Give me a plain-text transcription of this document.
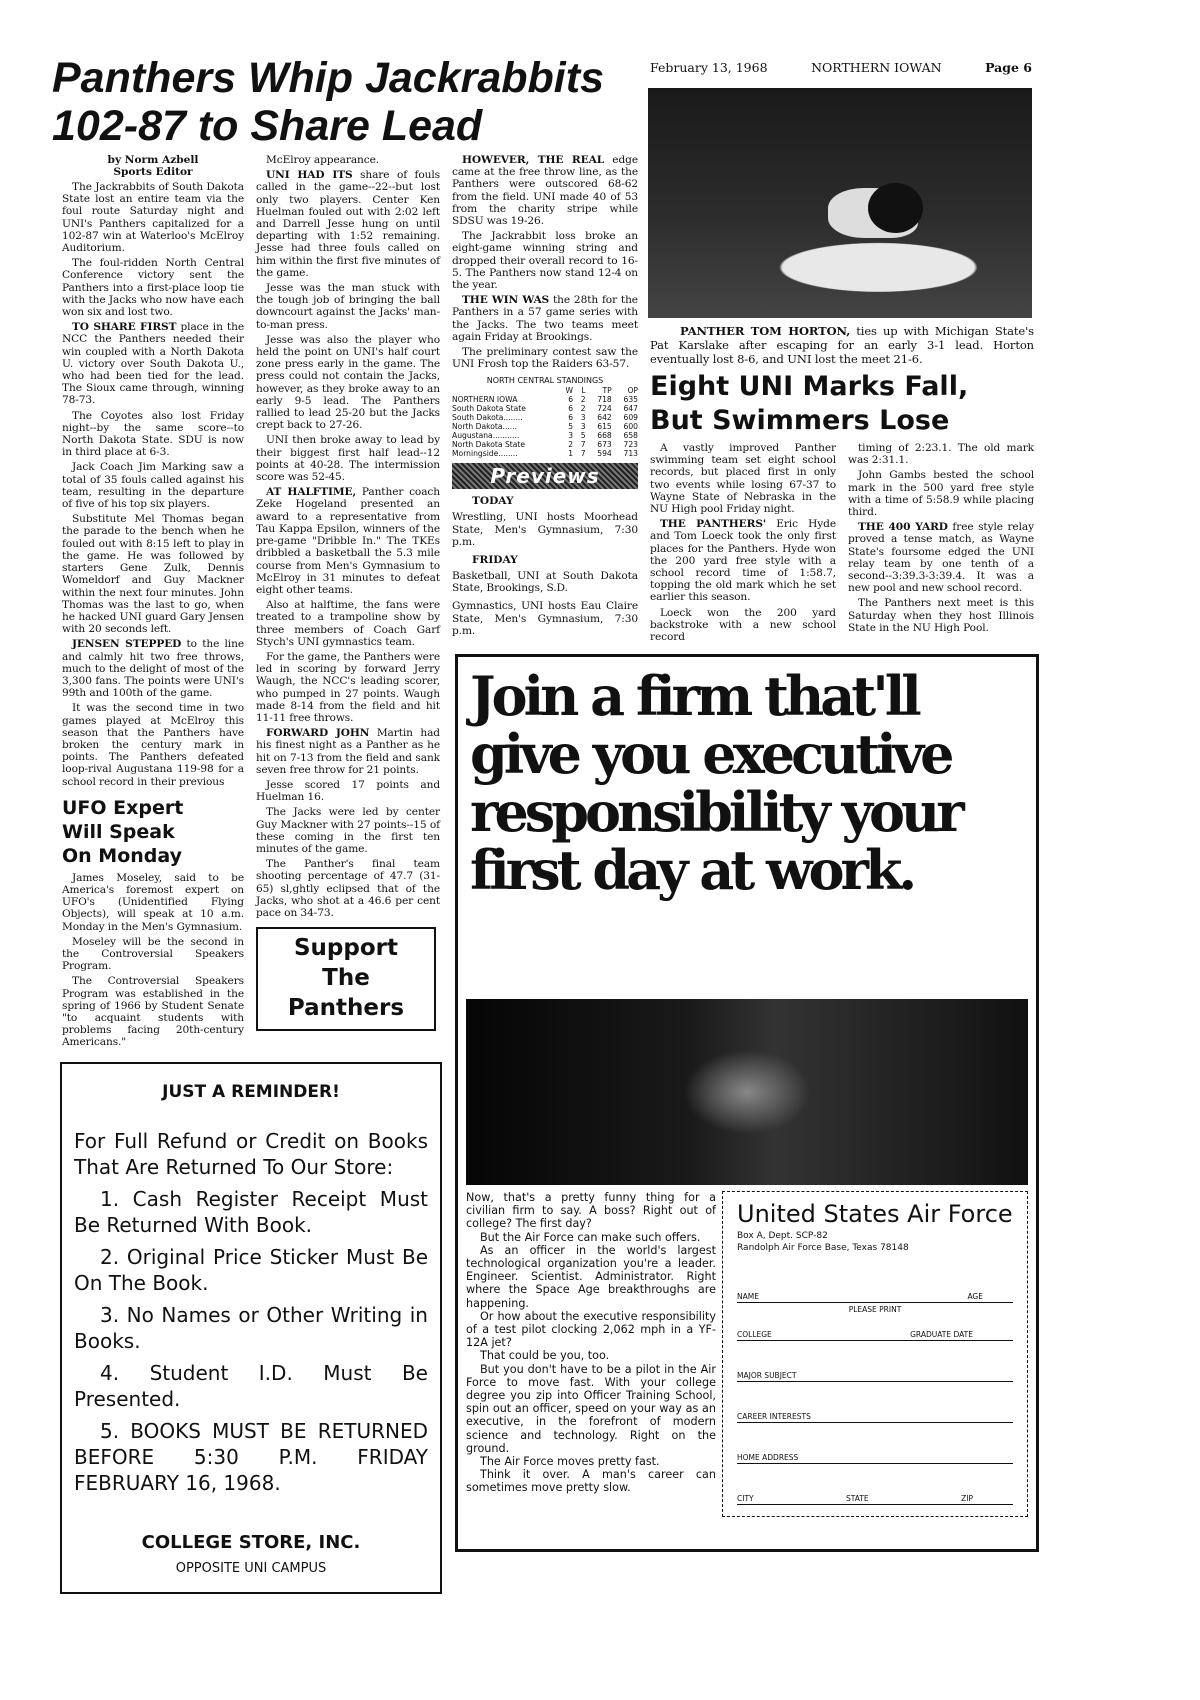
February 13, 1968	NORTHERN IOWAN	Page 6
Panthers Whip Jackrabbits
102-87 to Share Lead
by Norm Azbell
Sports Editor

The Jackrabbits of South Dakota State lost an entire team via the foul route Saturday night and UNI's Panthers capitalized for a 102-87 win at Waterloo's McElroy Auditorium.

The foul-ridden North Central Conference victory sent the Panthers into a first-place loop tie with the Jacks who now have each won six and lost two.

TO SHARE FIRST place in the NCC the Panthers needed their win coupled with a North Dakota U. victory over South Dakota U., who had been tied for the lead. The Sioux came through, winning 78-73.

The Coyotes also lost Friday night--by the same score--to North Dakota State. SDU is now in third place at 6-3.

Jack Coach Jim Marking saw a total of 35 fouls called against his team, resulting in the departure of five of his top six players.

Substitute Mel Thomas began the parade to the bench when he fouled out with 8:15 left to play in the game. He was followed by starters Gene Zulk, Dennis Womeldorf and Guy Mackner within the next four minutes. John Thomas was the last to go, when he hacked UNI guard Gary Jensen with 20 seconds left.

JENSEN STEPPED to the line and calmly hit two free throws, much to the delight of most of the 3,300 fans. The points were UNI's 99th and 100th of the game.

It was the second time in two games played at McElroy this season that the Panthers have broken the century mark in points. The Panthers defeated loop-rival Augustana 119-98 for a school record in their previous

UFO Expert
Will Speak
On Monday

James Moseley, said to be America's foremost expert on UFO's (Unidentified Flying Objects), will speak at 10 a.m. Monday in the Men's Gymnasium.

Moseley will be the second in the Controversial Speakers Program.

The Controversial Speakers Program was established in the spring of 1966 by Student Senate "to acquaint students with problems facing 20th-century Americans."

McElroy appearance.

UNI HAD ITS share of fouls called in the game--22--but lost only two players. Center Ken Huelman fouled out with 2:02 left and Darrell Jesse hung on until departing with 1:52 remaining. Jesse had three fouls called on him within the first five minutes of the game.

Jesse was the man stuck with the tough job of bringing the ball downcourt against the Jacks' man-to-man press.

Jesse was also the player who held the point on UNI's half court zone press early in the game. The press could not contain the Jacks, however, as they broke away to an early 9-5 lead. The Panthers rallied to lead 25-20 but the Jacks crept back to 27-26.

UNI then broke away to lead by their biggest first half lead--12 points at 40-28. The intermission score was 52-45.

AT HALFTIME, Panther coach Zeke Hogeland presented an award to a representative from Tau Kappa Epsilon, winners of the pre-game "Dribble In." The TKEs dribbled a basketball the 5.3 mile course from Men's Gymnasium to McElroy in 31 minutes to defeat eight other teams.

Also at halftime, the fans were treated to a trampoline show by three members of Coach Garf Stych's UNI gymnastics team.

For the game, the Panthers were led in scoring by forward Jerry Waugh, the NCC's leading scorer, who pumped in 27 points. Waugh made 8-14 from the field and hit 11-11 free throws.

FORWARD JOHN Martin had his finest night as a Panther as he hit on 7-13 from the field and sank seven free throw for 21 points.

Jesse scored 17 points and Huelman 16.

The Jacks were led by center Guy Mackner with 27 points--15 of these coming in the first ten minutes of the game.

The Panther's final team shooting percentage of 47.7 (31-65) sl,ghtly eclipsed that of the Jacks, who shot at a 46.6 per cent pace on 34-73.

Support
The
Panthers

HOWEVER, THE REAL edge came at the free throw line, as the Panthers were outscored 68-62 from the field. UNI made 40 of 53 from the charity stripe while SDSU was 19-26.

The Jackrabbit loss broke an eight-game winning string and dropped their overall record to 16-5. The Panthers now stand 12-4 on the year.

THE WIN WAS the 28th for the Panthers in a 57 game series with the Jacks. The two teams meet again Friday at Brookings.

The preliminary contest saw the UNI Frosh top the Raiders 63-57.

NORTH CENTRAL STANDINGS
	W	L	TP	OP
NORTHERN IOWA	6	2	718	635
South Dakota State	6	2	724	647
South Dakota........	6	3	642	609
North Dakota......	5	3	615	600
Augustana...........	3	5	668	658
North Dakota State	2	7	673	723
Morningside........	1	7	594	713
Previews
TODAY

Wrestling, UNI hosts Moorhead State, Men's Gymnasium, 7:30 p.m.

FRIDAY

Basketball, UNI at South Dakota State, Brookings, S.D.

Gymnastics, UNI hosts Eau Claire State, Men's Gymnasium, 7:30 p.m.

PANTHER TOM HORTON, ties up with Michigan State's Pat Karslake after escaping for an early 3-1 lead. Horton eventually lost 8-6, and UNI lost the meet 21-6.

Eight UNI Marks Fall,
But Swimmers Lose

A vastly improved Panther swimming team set eight school records, but placed first in only two events while losing 67-37 to Wayne State of Nebraska in the NU High pool Friday night.

THE PANTHERS' Eric Hyde and Tom Loeck took the only first places for the Panthers. Hyde won the 200 yard free style with a school record time of 1:58.7, topping the old mark which he set earlier this season.

Loeck won the 200 yard backstroke with a new school record

timing of 2:23.1. The old mark was 2:31.1.

John Gambs bested the school mark in the 500 yard free style with a time of 5:58.9 while placing third.

THE 400 YARD free style relay proved a tense match, as Wayne State's foursome edged the UNI relay team by one tenth of a second--3:39.3-3:39.4. It was a new pool and new school record.

The Panthers next meet is this Saturday when they host Illinois State in the NU High Pool.

JUST A REMINDER!

For Full Refund or Credit on Books That Are Returned To Our Store:

1. Cash Register Receipt Must Be Returned With Book.

2. Original Price Sticker Must Be On The Book.

3. No Names or Other Writing in Books.

4. Student I.D. Must Be Presented.

5. BOOKS MUST BE RETURNED BEFORE 5:30 P.M. FRIDAY FEBRUARY 16, 1968.

COLLEGE STORE, INC.
OPPOSITE UNI CAMPUS
Join a firm that'll
give you executive
responsibility your
first day at work.

Now, that's a pretty funny thing for a civilian firm to say. A boss? Right out of college? The first day?

But the Air Force can make such offers.

As an officer in the world's largest technological organization you're a leader. Engineer. Scientist. Administrator. Right where the Space Age breakthroughs are happening.

Or how about the executive responsibility of a test pilot clocking 2,062 mph in a YF-12A jet?

That could be you, too.

But you don't have to be a pilot in the Air Force to move fast. With your college degree you zip into Officer Training School, spin out an officer, speed on your way as an executive, in the forefront of modern science and technology. Right on the ground.

The Air Force moves pretty fast.

Think it over. A man's career can sometimes move pretty slow.

United States Air Force
Box A, Dept. SCP-82
Randolph Air Force Base, Texas 78148
NAME	AGE
PLEASE PRINT
COLLEGE	GRADUATE DATE
MAJOR SUBJECT
CAREER INTERESTS
HOME ADDRESS
CITY	STATE	ZIP
